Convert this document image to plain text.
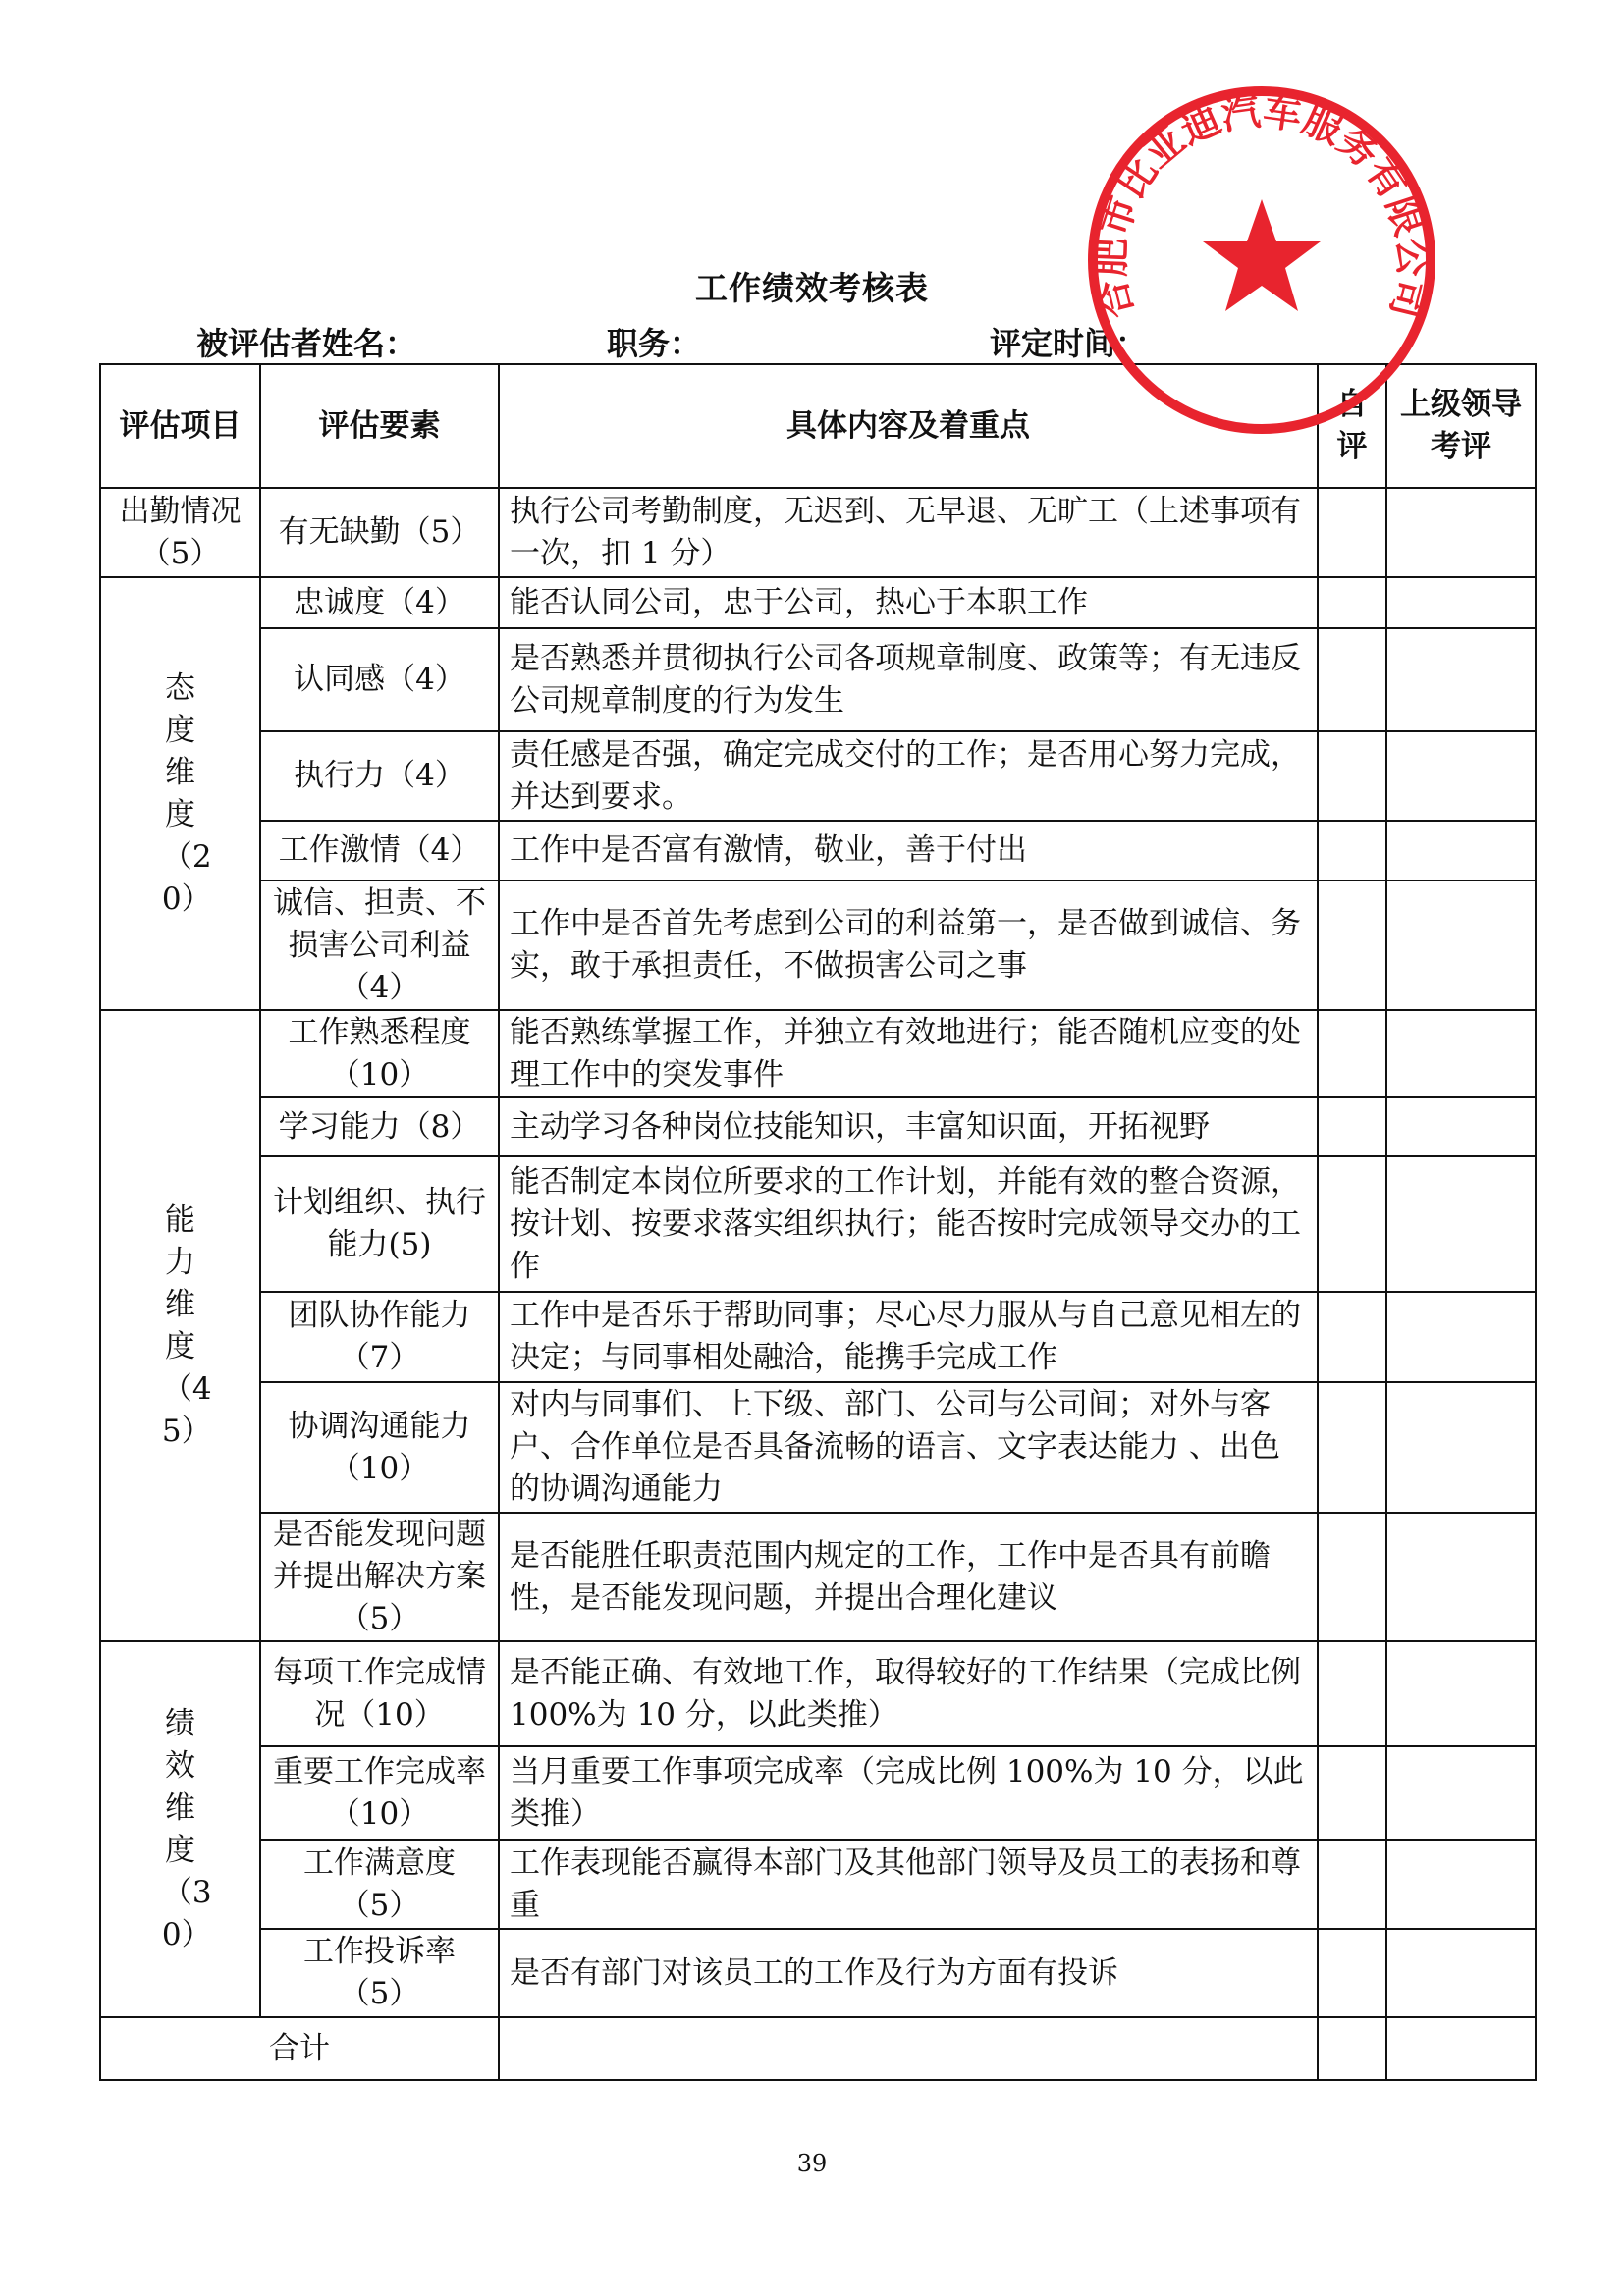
工作绩效考核表
被评估者姓名：	职务：	评定时间：
评估项目	评估要素	具体内容及着重点	自评	上级领导考评
出勤情况（5）	有无缺勤（5）	执行公司考勤制度，无迟到、无早退、无旷工（上述事项有一次，扣 1 分）		

态度维度（20）	忠诚度（4）	能否认同公司，忠于公司，热心于本职工作		
	认同感（4）	是否熟悉并贯彻执行公司各项规章制度、政策等；有无违反公司规章制度的行为发生		
	执行力（4）	责任感是否强，确定完成交付的工作；是否用心努力完成，并达到要求。		
	工作激情（4）	工作中是否富有激情，敬业，善于付出		
	诚信、担责、不损害公司利益（4）	工作中是否首先考虑到公司的利益第一，是否做到诚信、务实，敢于承担责任，不做损害公司之事		

能力维度（45）	工作熟悉程度（10）	能否熟练掌握工作，并独立有效地进行；能否随机应变的处理工作中的突发事件		
	学习能力（8）	主动学习各种岗位技能知识，丰富知识面，开拓视野		
	计划组织、执行能力(5)	能否制定本岗位所要求的工作计划，并能有效的整合资源，按计划、按要求落实组织执行；能否按时完成领导交办的工作		
	团队协作能力（7）	工作中是否乐于帮助同事；尽心尽力服从与自己意见相左的决定；与同事相处融洽，能携手完成工作		
	协调沟通能力（10）	对内与同事们、上下级、部门、公司与公司间；对外与客户、合作单位是否具备流畅的语言、文字表达能力 、出色的协调沟通能力		
	是否能发现问题并提出解决方案（5）	是否能胜任职责范围内规定的工作，工作中是否具有前瞻性，是否能发现问题，并提出合理化建议		

绩效维度（30）	每项工作完成情况（10）	是否能正确、有效地工作，取得较好的工作结果（完成比例 100%为 10 分，以此类推）		
	重要工作完成率（10）	当月重要工作事项完成率（完成比例 100%为 10 分，以此类推）		
	工作满意度（5）	工作表现能否赢得本部门及其他部门领导及员工的表扬和尊重		
	工作投诉率（5）	是否有部门对该员工的工作及行为方面有投诉		
合计				
合肥市比亚迪汽车服务有限公司
39
